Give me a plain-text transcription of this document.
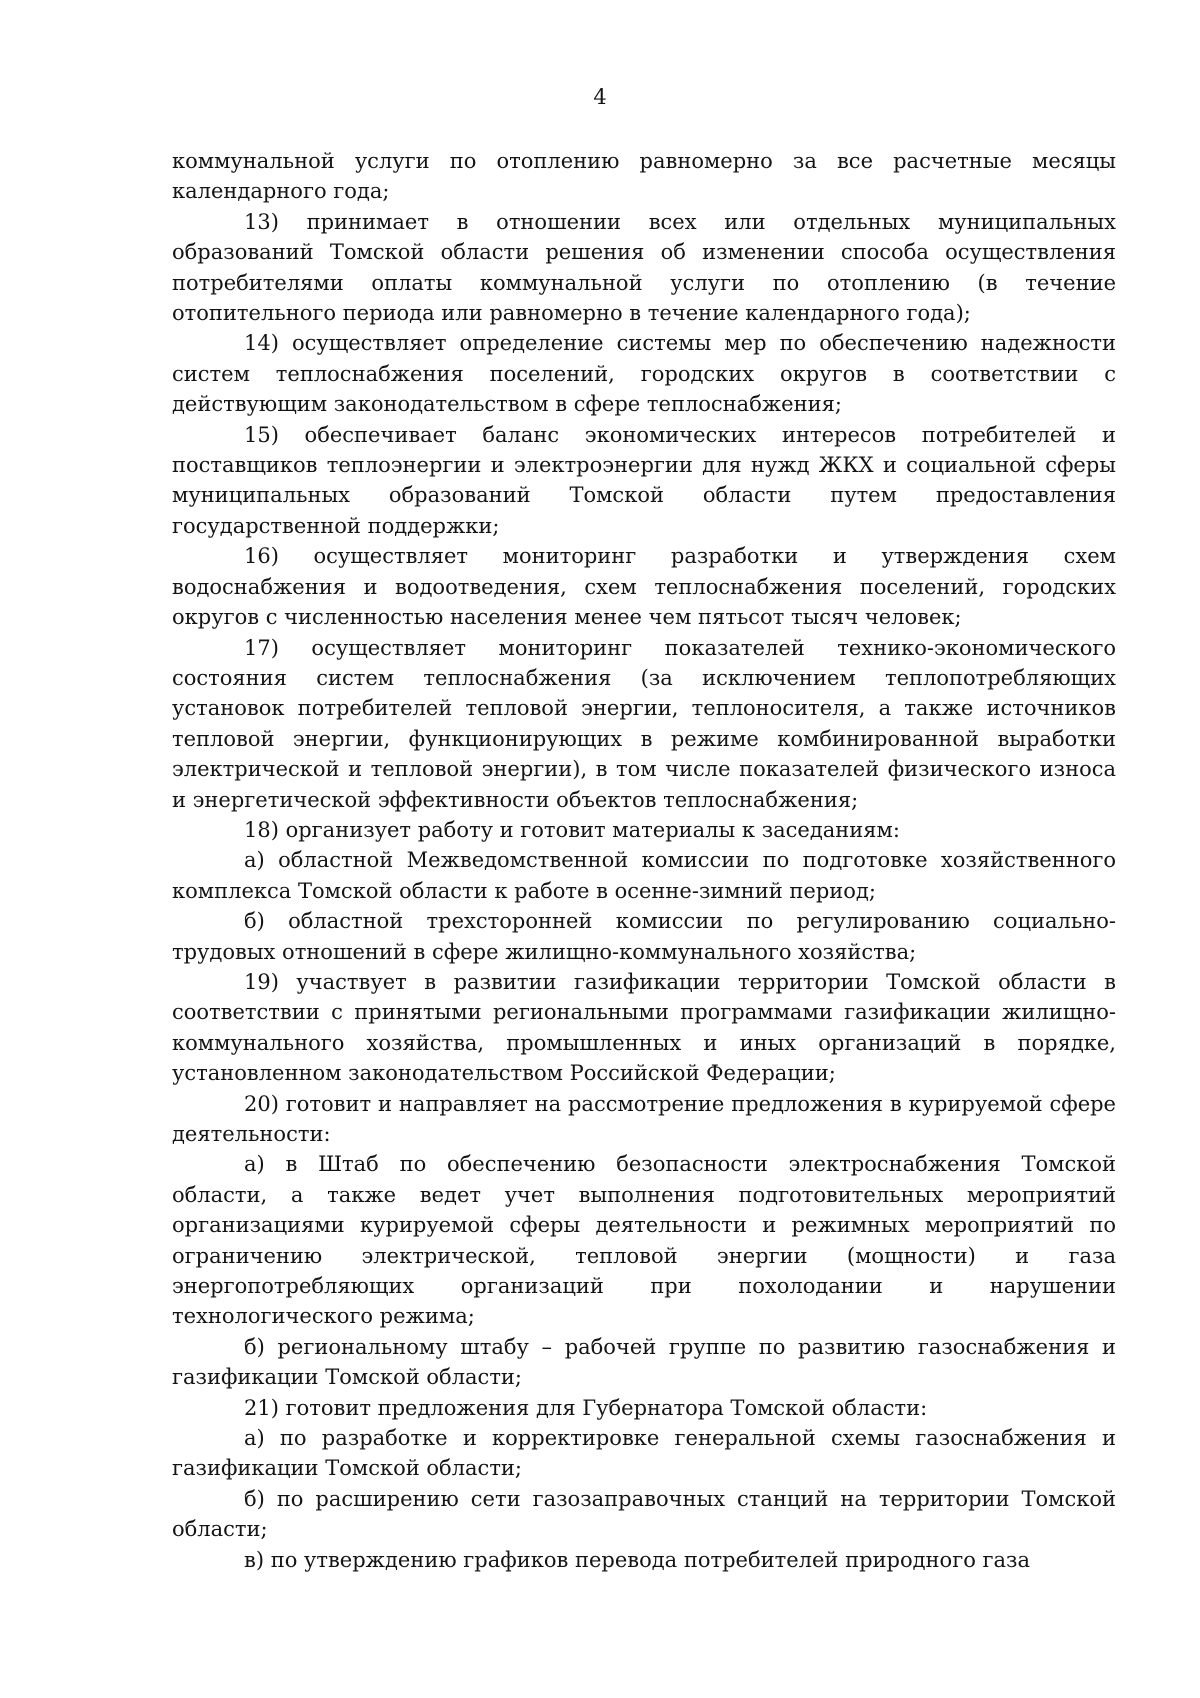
4

коммунальной услуги по отоплению равномерно за все расчетные месяцы календарного года;

13) принимает в отношении всех или отдельных муниципальных образований Томской области решения об изменении способа осуществления потребителями оплаты коммунальной услуги по отоплению (в течение отопительного периода или равномерно в течение календарного года);

14) осуществляет определение системы мер по обеспечению надежности систем теплоснабжения поселений, городских округов в соответствии с действующим законодательством в сфере теплоснабжения;

15) обеспечивает баланс экономических интересов потребителей и поставщиков теплоэнергии и электроэнергии для нужд ЖКХ и социальной сферы муниципальных образований Томской области путем предоставления государственной поддержки;

16) осуществляет мониторинг разработки и утверждения схем водоснабжения и водоотведения, схем теплоснабжения поселений, городских округов с численностью населения менее чем пятьсот тысяч человек;

17) осуществляет мониторинг показателей технико-экономического состояния систем теплоснабжения (за исключением теплопотребляющих установок потребителей тепловой энергии, теплоносителя, а также источников тепловой энергии, функционирующих в режиме комбинированной выработки электрической и тепловой энергии), в том числе показателей физического износа и энергетической эффективности объектов теплоснабжения;

18) организует работу и готовит материалы к заседаниям:

а) областной Межведомственной комиссии по подготовке хозяйственного комплекса Томской области к работе в осенне-зимний период;

б) областной трехсторонней комиссии по регулированию социально-трудовых отношений в сфере жилищно-коммунального хозяйства;

19) участвует в развитии газификации территории Томской области в соответствии с принятыми региональными программами газификации жилищно-коммунального хозяйства, промышленных и иных организаций в порядке, установленном законодательством Российской Федерации;

20) готовит и направляет на рассмотрение предложения в курируемой сфере деятельности:

а) в Штаб по обеспечению безопасности электроснабжения Томской области, а также ведет учет выполнения подготовительных мероприятий организациями курируемой сферы деятельности и режимных мероприятий по ограничению электрической, тепловой энергии (мощности) и газа энергопотребляющих организаций при похолодании и нарушении технологического режима;

б) региональному штабу – рабочей группе по развитию газоснабжения и газификации Томской области;

21) готовит предложения для Губернатора Томской области:

а) по разработке и корректировке генеральной схемы газоснабжения и газификации Томской области;

б) по расширению сети газозаправочных станций на территории Томской области;

в) по утверждению графиков перевода потребителей природного газа
